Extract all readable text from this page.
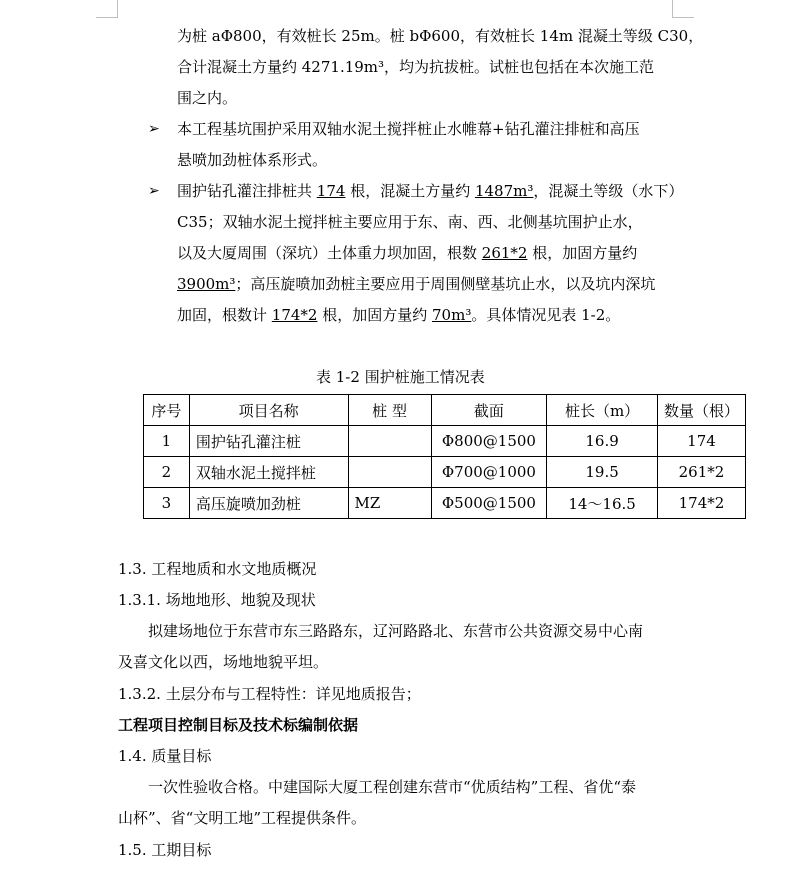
为桩 aΦ800，有效桩长 25m。桩 bΦ600，有效桩长 14m 混凝土等级 C30，
合计混凝土方量约 4271.19m³，均为抗拔桩。试桩也包括在本次施工范
围之内。
➢ 本工程基坑围护采用双轴水泥土搅拌桩止水帷幕+钻孔灌注排桩和高压
悬喷加劲桩体系形式。
➢ 围护钻孔灌注排桩共 174 根，混凝土方量约 1487m³，混凝土等级（水下）
C35；双轴水泥土搅拌桩主要应用于东、南、西、北侧基坑围护止水，
以及大厦周围（深坑）土体重力坝加固，根数 261*2 根，加固方量约
3900m³；高压旋喷加劲桩主要应用于周围侧壁基坑止水，以及坑内深坑
加固，根数计 174*2 根，加固方量约 70m³。具体情况见表 1-2。
表 1-2 围护桩施工情况表
序号	项目名称	桩 型	截面	桩长（m）	数量（根）
1	围护钻孔灌注桩		Φ800@1500	16.9	174
2	双轴水泥土搅拌桩		Φ700@1000	19.5	261*2
3	高压旋喷加劲桩	MZ	Φ500@1500	14～16.5	174*2
1.3. 工程地质和水文地质概况
1.3.1. 场地地形、地貌及现状
拟建场地位于东营市东三路路东，辽河路路北、东营市公共资源交易中心南
及喜文化以西，场地地貌平坦。
1.3.2. 土层分布与工程特性：详见地质报告；
工程项目控制目标及技术标编制依据
1.4. 质量目标
一次性验收合格。中建国际大厦工程创建东营市“优质结构”工程、省优“泰
山杯”、省“文明工地”工程提供条件。
1.5. 工期目标
